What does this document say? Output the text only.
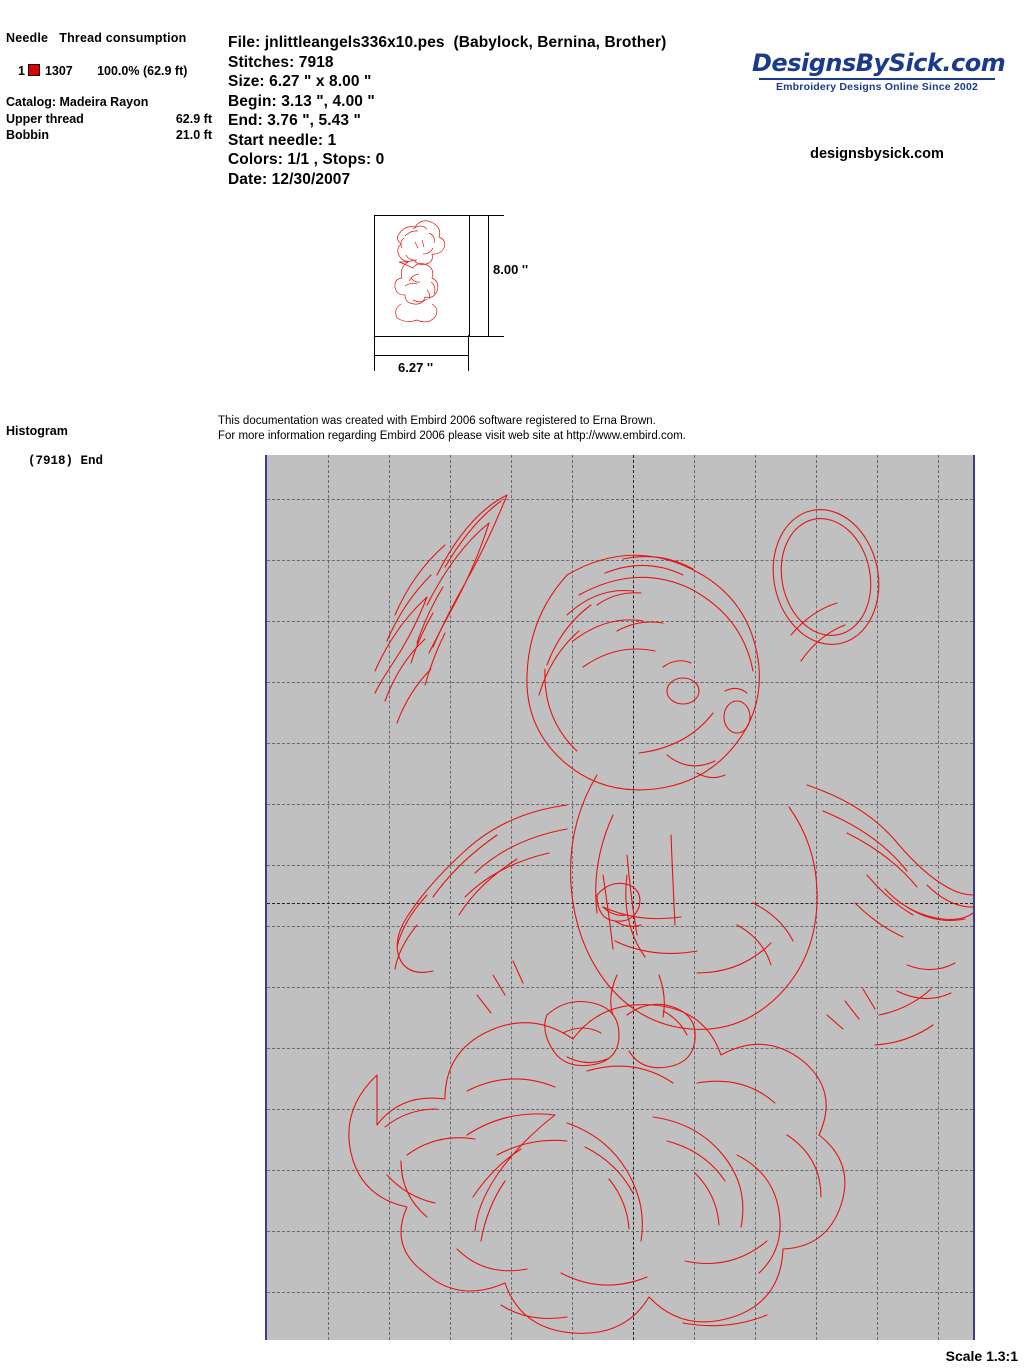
Needle Thread consumption
1 1307 100.0% (62.9 ft)
Catalog: Madeira Rayon
Upper thread	62.9 ft
Bobbin	21.0 ft
File: jnlittleangels336x10.pes  (Babylock, Bernina, Brother)
Stitches: 7918
Size: 6.27 " x 8.00 "
Begin: 3.13 ", 4.00 "
End: 3.76 ", 5.43 "
Start needle: 1
Colors: 1/1 , Stops: 0
Date: 12/30/2007
DesignsBySick.com
Embroidery Designs Online Since 2002
designsbysick.com
8.00 ''
6.27 ''
Histogram
(7918) End
This documentation was created with Embird 2006 software registered to Erna Brown.
For more information regarding Embird 2006 please visit web site at http://www.embird.com.
Scale 1.3:1
